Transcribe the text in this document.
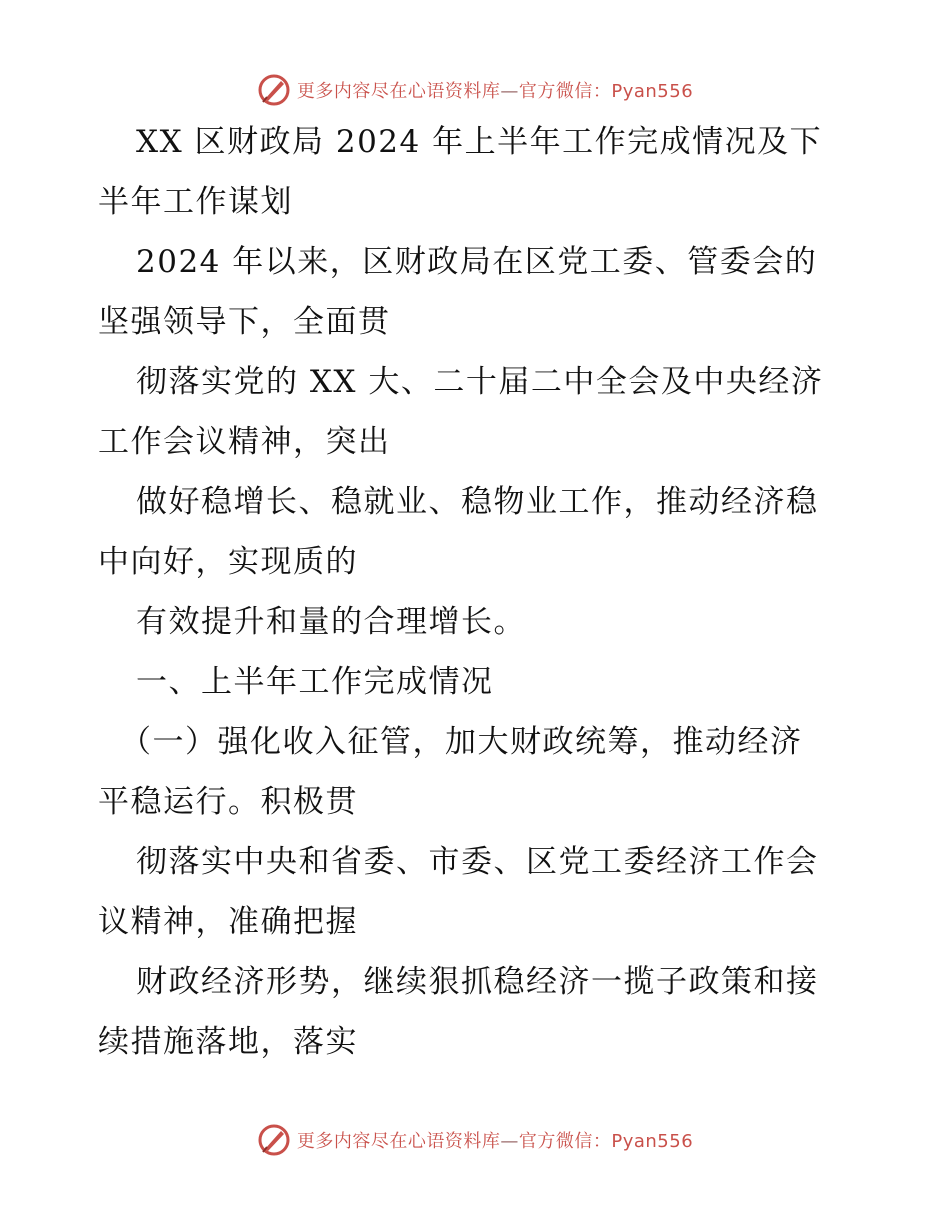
更多内容尽在心语资料库—官方微信：Pyan556
XX 区财政局 2024 年上半年工作完成情况及下
半年工作谋划
2024 年以来，区财政局在区党工委、管委会的
坚强领导下，全面贯
彻落实党的 XX 大、二十届二中全会及中央经济
工作会议精神，突出
做好稳增长、稳就业、稳物业工作，推动经济稳
中向好，实现质的
有效提升和量的合理增长。
一、上半年工作完成情况
（一）强化收入征管，加大财政统筹，推动经济
平稳运行。积极贯
彻落实中央和省委、市委、区党工委经济工作会
议精神，准确把握
财政经济形势，继续狠抓稳经济一揽子政策和接
续措施落地，落实
更多内容尽在心语资料库—官方微信：Pyan556
